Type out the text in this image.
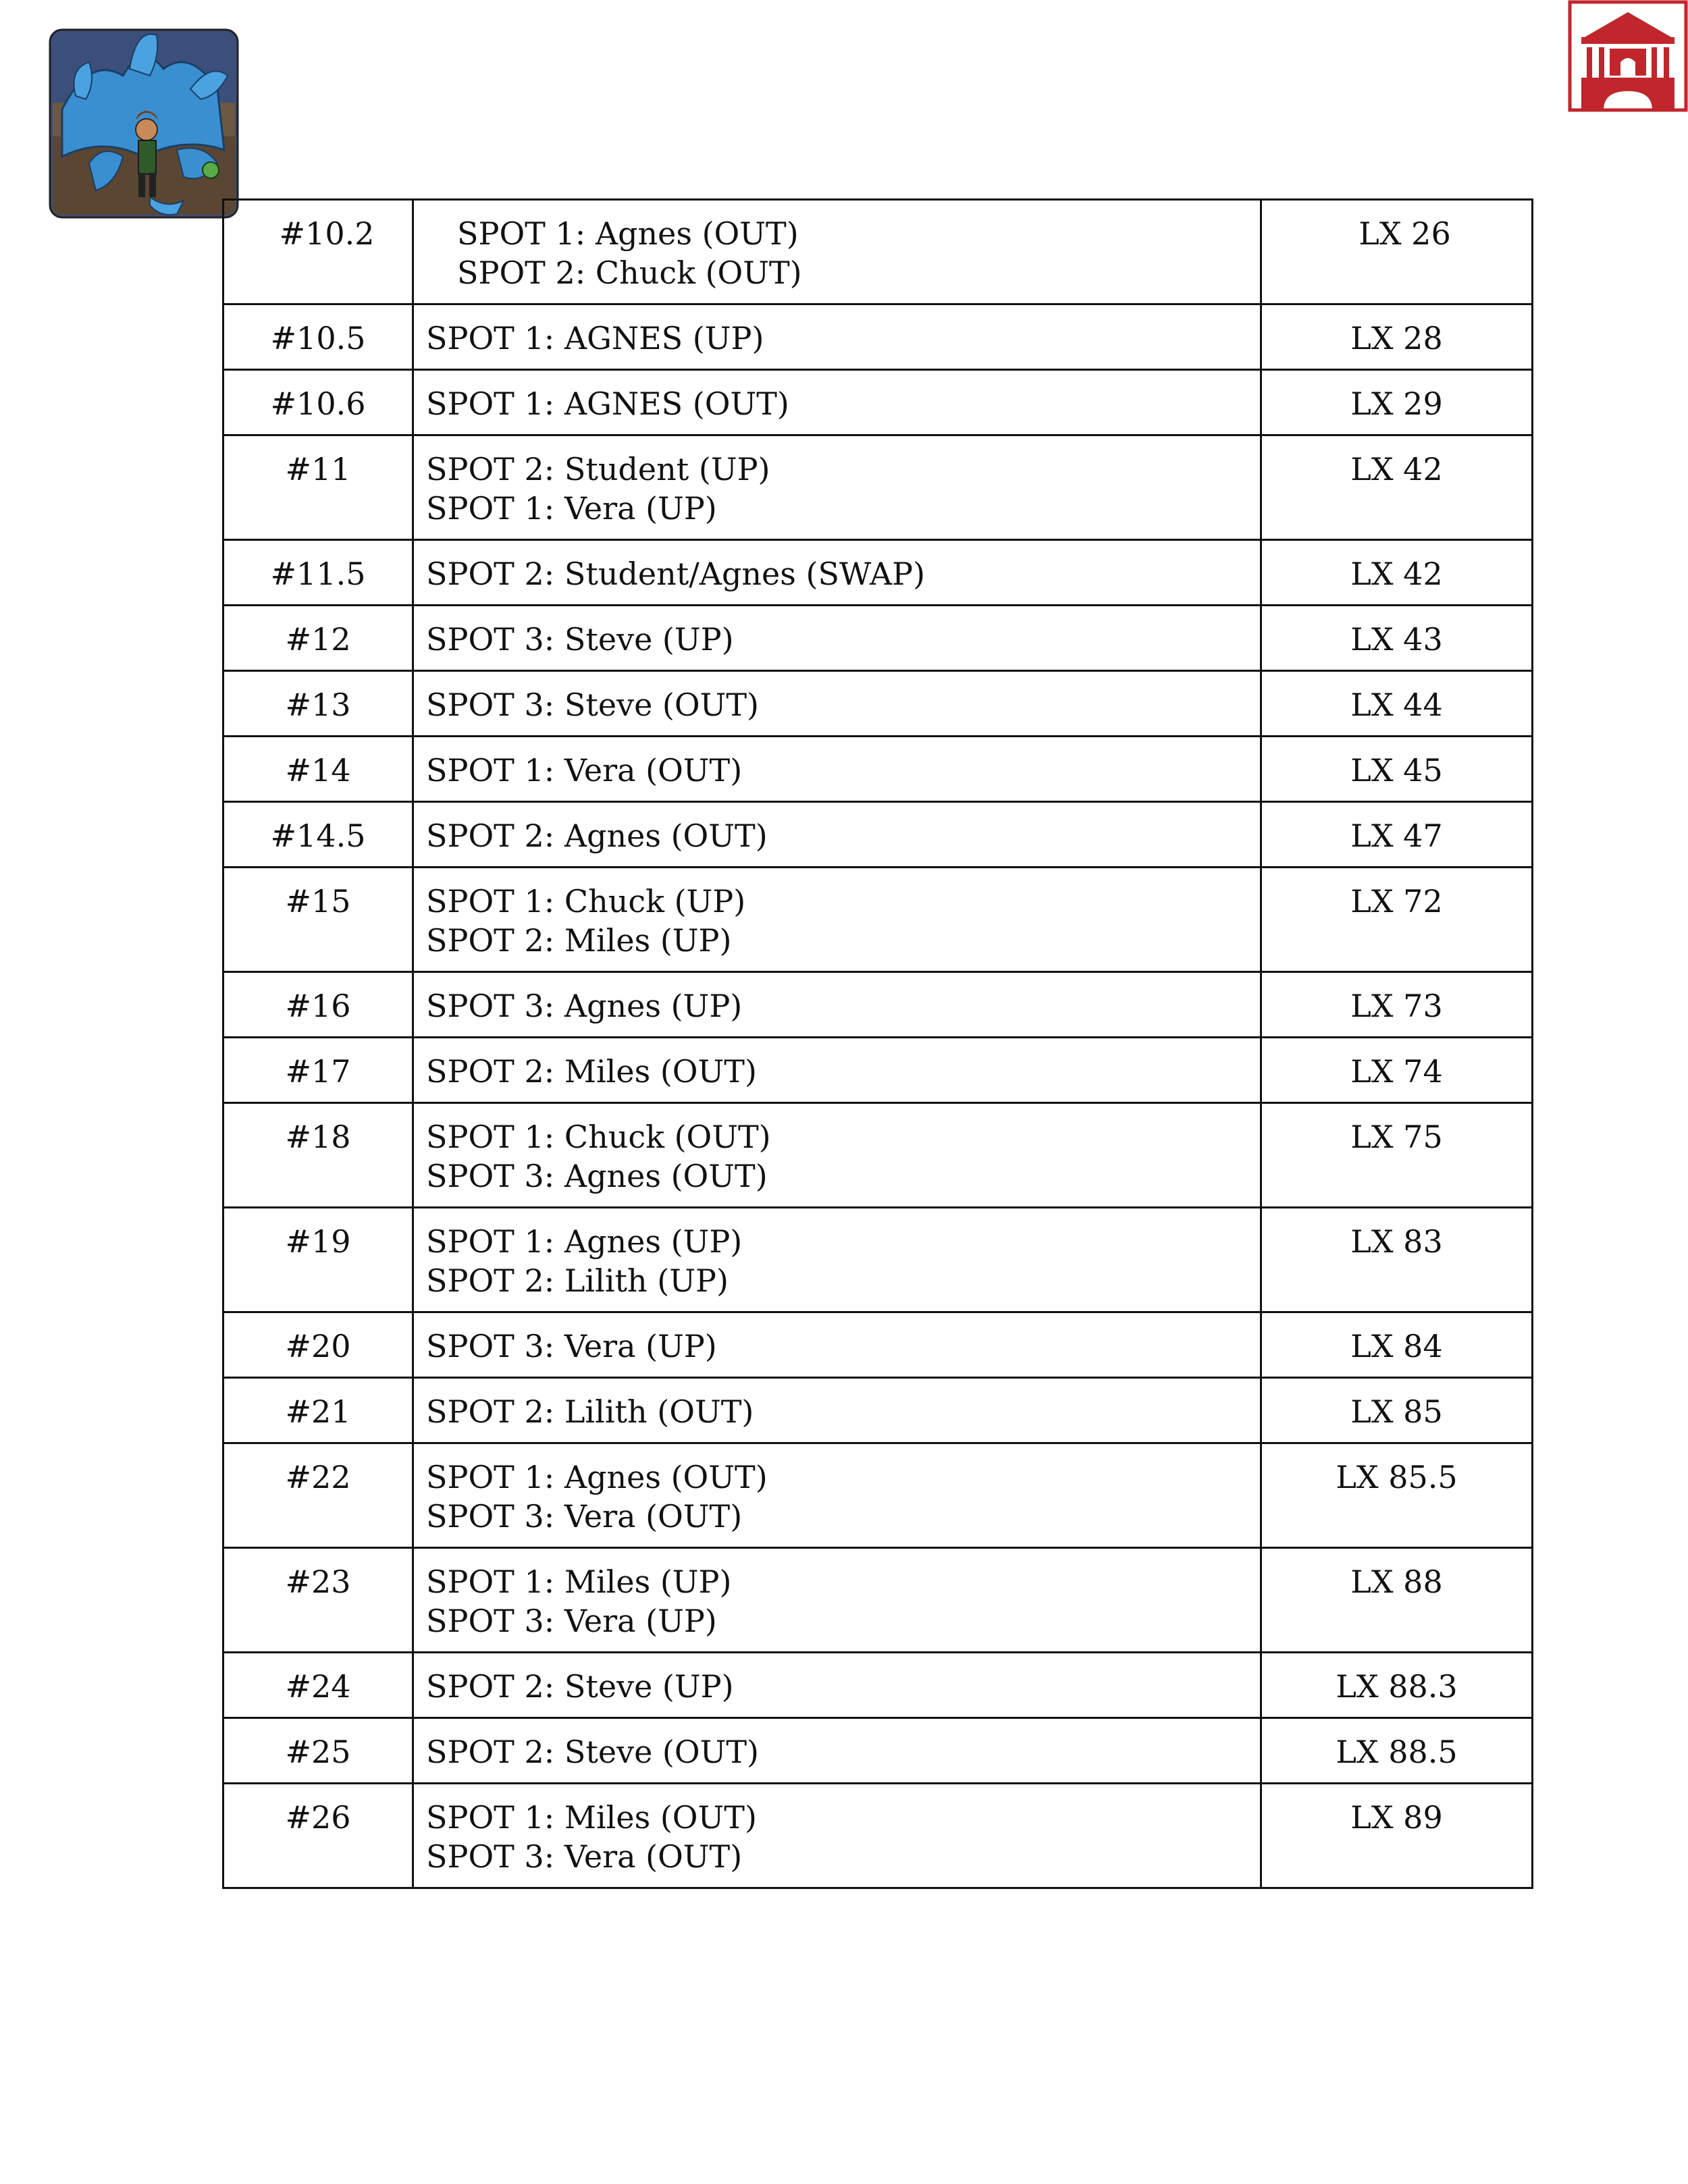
#10.2	SPOT 1: Agnes (OUT)
SPOT 2: Chuck (OUT)	LX 26

#10.5	SPOT 1: AGNES (UP)	LX 28

#10.6	SPOT 1: AGNES (OUT)	LX 29

#11	SPOT 2: Student (UP)
SPOT 1: Vera (UP)	LX 42

#11.5	SPOT 2: Student/Agnes (SWAP)	LX 42

#12	SPOT 3: Steve (UP)	LX 43

#13	SPOT 3: Steve (OUT)	LX 44

#14	SPOT 1: Vera (OUT)	LX 45

#14.5	SPOT 2: Agnes (OUT)	LX 47

#15	SPOT 1: Chuck (UP)
SPOT 2: Miles (UP)	LX 72

#16	SPOT 3: Agnes (UP)	LX 73

#17	SPOT 2: Miles (OUT)	LX 74

#18	SPOT 1: Chuck (OUT)
SPOT 3: Agnes (OUT)	LX 75

#19	SPOT 1: Agnes (UP)
SPOT 2: Lilith (UP)	LX 83

#20	SPOT 3: Vera (UP)	LX 84

#21	SPOT 2: Lilith (OUT)	LX 85

#22	SPOT 1: Agnes (OUT)
SPOT 3: Vera (OUT)	LX 85.5

#23	SPOT 1: Miles (UP)
SPOT 3: Vera (UP)	LX 88

#24	SPOT 2: Steve (UP)	LX 88.3

#25	SPOT 2: Steve (OUT)	LX 88.5

#26	SPOT 1: Miles (OUT)
SPOT 3: Vera (OUT)	LX 89
